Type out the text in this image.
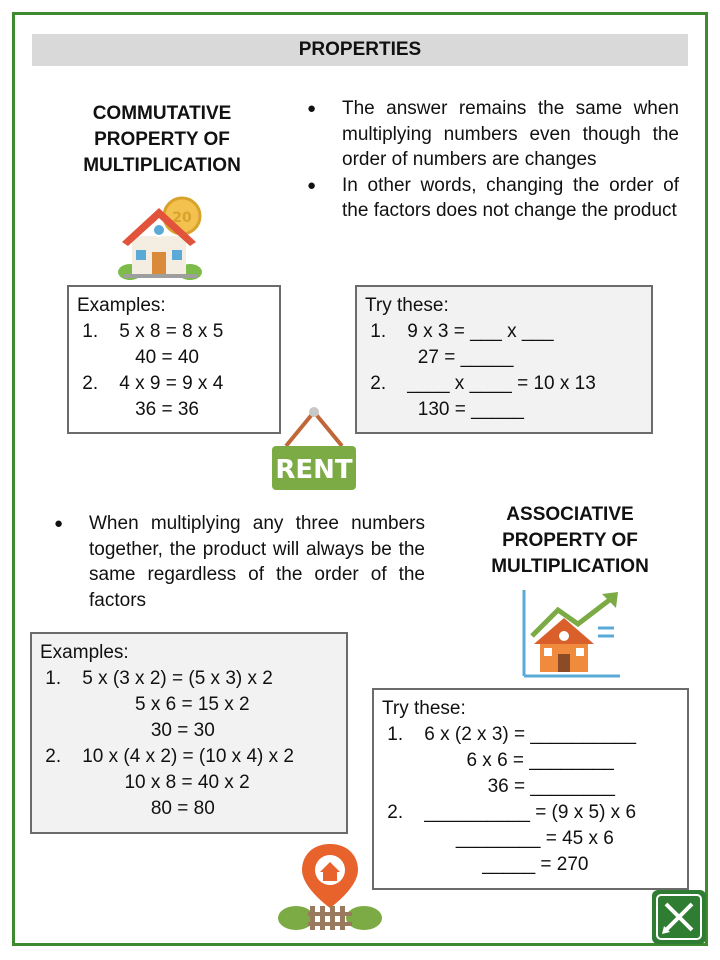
PROPERTIES
COMMUTATIVE
PROPERTY OF
MULTIPLICATION
20
● The answer remains the same when multiplying numbers even though the order of numbers are changes
● In other words, changing the order of the factors does not change the product
Examples:
1.    5 x 8 = 8 x 5
40 = 40
2.    4 x 9 = 9 x 4
36 = 36
Try these:
1.    9 x 3 = ___ x ___
27 = _____
2.    ____ x ____ = 10 x 13
130 = _____
RENT
● When multiplying any three numbers together, the product will always be the same regardless of the order of the factors
ASSOCIATIVE
PROPERTY OF
MULTIPLICATION
Examples:
1.    5 x (3 x 2) = (5 x 3) x 2
5 x 6 = 15 x 2
30 = 30
2.    10 x (4 x 2) = (10 x 4) x 2
10 x 8 = 40 x 2
80 = 80
Try these:
1.    6 x (2 x 3) = __________
6 x 6 = ________
36 = ________
2.    __________ = (9 x 5) x 6
________ = 45 x 6
_____ = 270
